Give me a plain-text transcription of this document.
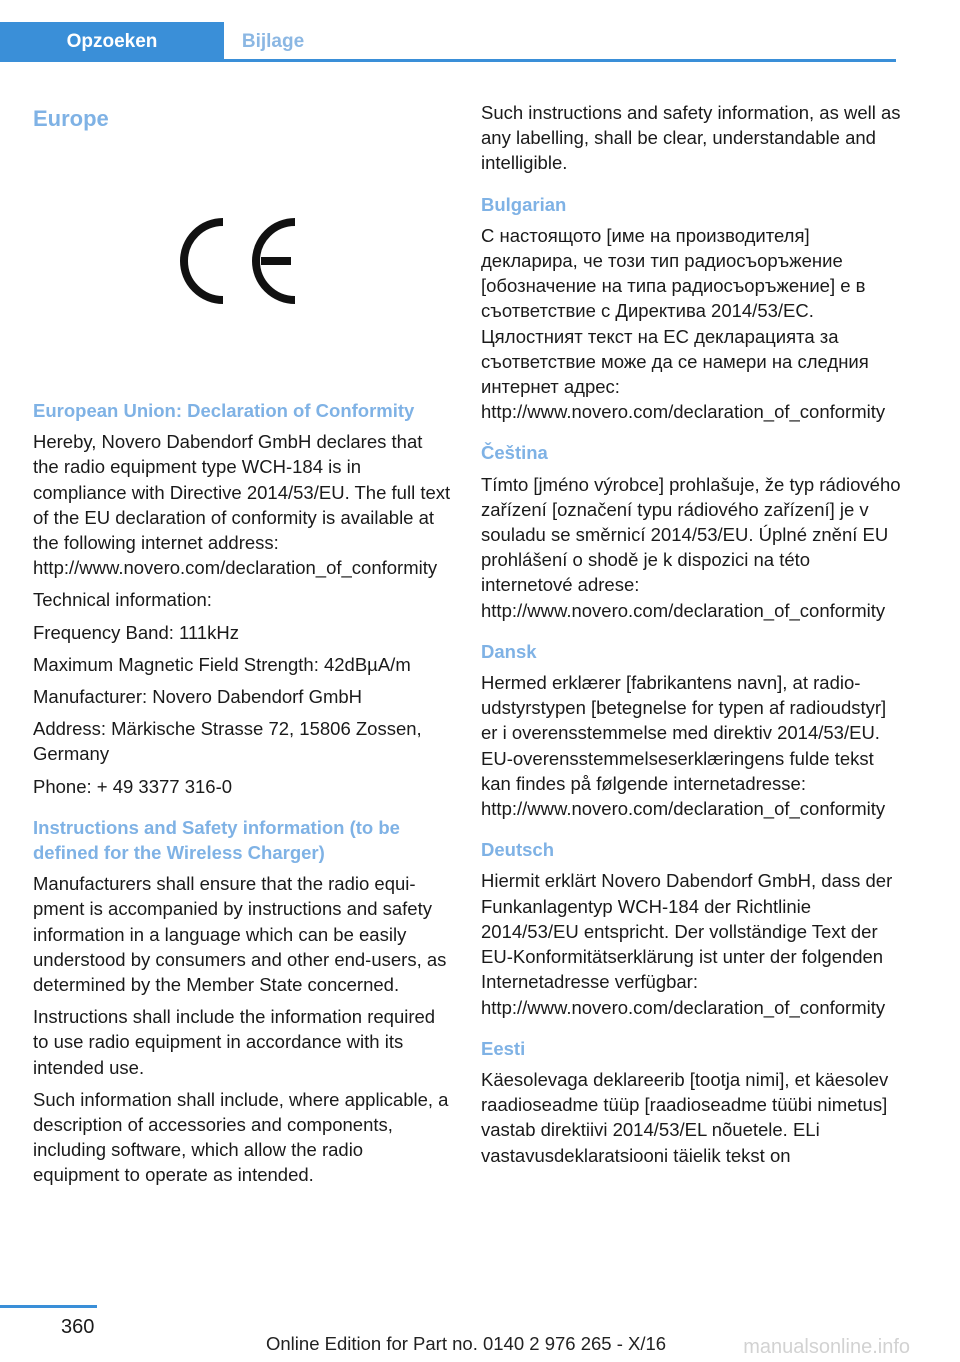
Opzoeken	Bijlage
Europe
European Union: Declaration of Conformity

Hereby, Novero Dabendorf GmbH declares that the radio equipment type WCH-184 is in compliance with Directive 2014/53/EU. The full text of the EU declaration of conformity is available at the following internet address: http://www.novero.com/declaration_of_conformity

Technical information:

Frequency Band: 111kHz

Maximum Magnetic Field Strength: 42dBµA/m

Manufacturer: Novero Dabendorf GmbH

Address: Märkische Strasse 72, 15806 Zossen, Germany

Phone: + 49 3377 316-0

Instructions and Safety information (to be defined for the Wireless Charger)

Manufacturers shall ensure that the radio equipment is accompanied by instructions and safety information in a language which can be easily understood by consumers and other end-users, as determined by the Member State concerned.

Instructions shall include the information required to use radio equipment in accordance with its intended use.

Such information shall include, where applicable, a description of accessories and components, including software, which allow the radio equipment to operate as intended.

Such instructions and safety information, as well as any labelling, shall be clear, understandable and intelligible.

Bulgarian

С настоящото [име на производителя] декларира, че този тип радиосъоръжение [обозначение на типа радиосъоръжение] е в съответствие с Директива 2014/53/ЕС. Цялостният текст на ЕС декларацията за съответствие може да се намери на следния интернет адрес: http://www.novero.com/declaration_of_conformity

Čeština

Tímto [jméno výrobce] prohlašuje, že typ rádiového zařízení [označení typu rádiového zařízení] je v souladu se směrnicí 2014/53/EU. Úplné znění EU prohlášení o shodě je k dispozici na této internetové adrese: http://www.novero.com/declaration_of_conformity

Dansk

Hermed erklærer [fabrikantens navn], at radioudstyrstypen [betegnelse for typen af radioudstyr] er i overensstemmelse med direktiv 2014/53/EU. EU-overensstemmelseserklæringens fulde tekst kan findes på følgende internetadresse: http://www.novero.com/declaration_of_conformity

Deutsch

Hiermit erklärt Novero Dabendorf GmbH, dass der Funkanlagentyp WCH-184 der Richtlinie 2014/53/EU entspricht. Der vollständige Text der EU-Konformitätserklärung ist unter der folgenden Internetadresse verfügbar: http://www.novero.com/declaration_of_conformity

Eesti

Käesolevaga deklareerib [tootja nimi], et käesolev raadioseadme tüüp [raadioseadme tüübi nimetus] vastab direktiivi 2014/53/EL nõuetele. ELi vastavusdeklaratsiooni täielik tekst on

360
Online Edition for Part no. 0140 2 976 265 - X/16	manualsonline.info
